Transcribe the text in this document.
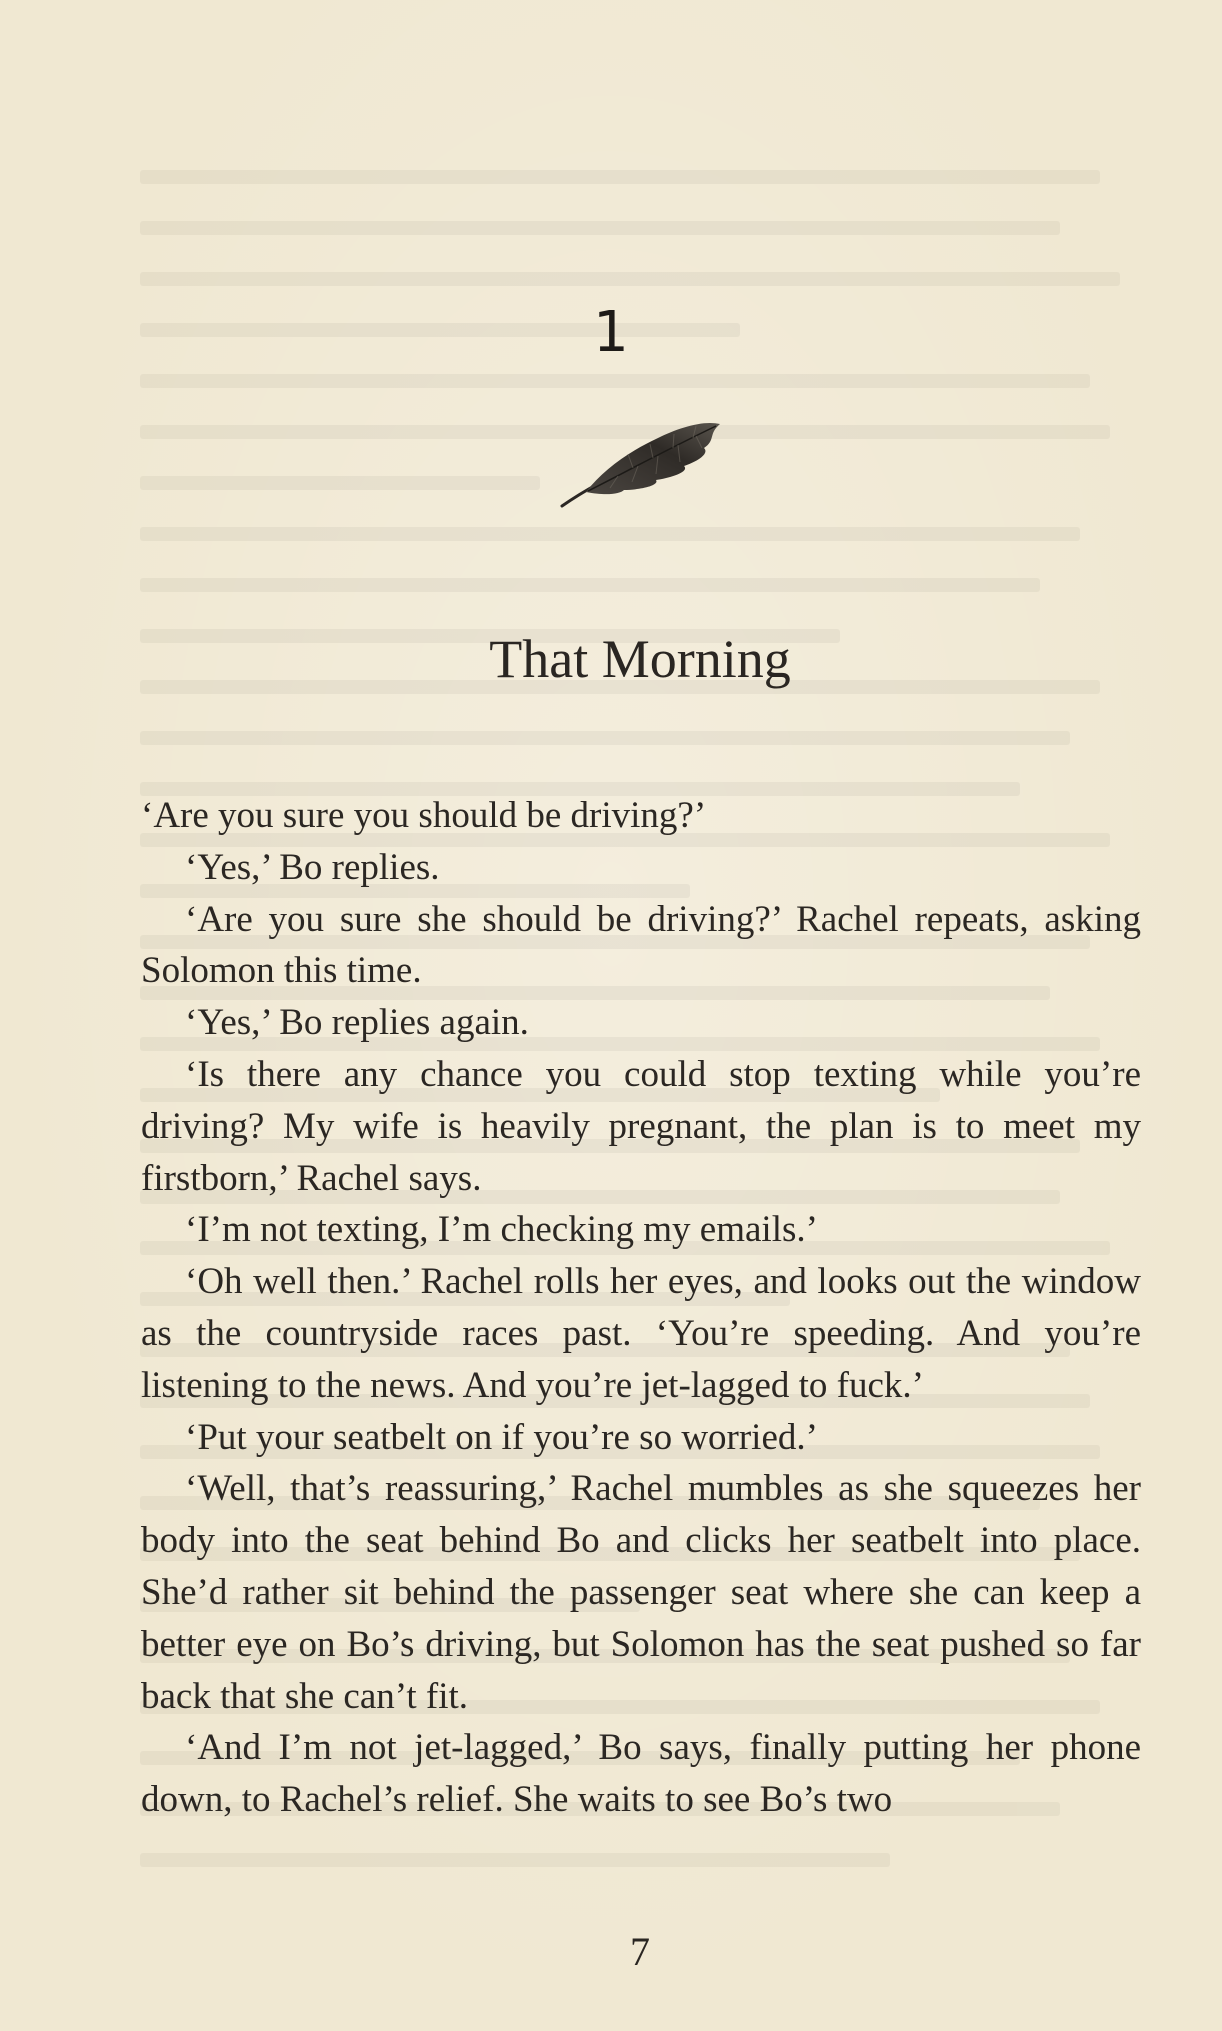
1
That Morning

‘Are you sure you should be driving?’

‘Yes,’ Bo replies.

‘Are you sure she should be driving?’ Rachel repeats, asking Solomon this time.

‘Yes,’ Bo replies again.

‘Is there any chance you could stop texting while you’re driving? My wife is heavily pregnant, the plan is to meet my firstborn,’ Rachel says.

‘I’m not texting, I’m checking my emails.’

‘Oh well then.’ Rachel rolls her eyes, and looks out the window as the countryside races past. ‘You’re speeding. And you’re listening to the news. And you’re jet-lagged to fuck.’

‘Put your seatbelt on if you’re so worried.’

‘Well, that’s reassuring,’ Rachel mumbles as she squeezes her body into the seat behind Bo and clicks her seatbelt into place. She’d rather sit behind the passenger seat where she can keep a better eye on Bo’s driving, but Solomon has the seat pushed so far back that she can’t fit.

‘And I’m not jet-lagged,’ Bo says, finally putting her phone down, to Rachel’s relief. She waits to see Bo’s two

7
